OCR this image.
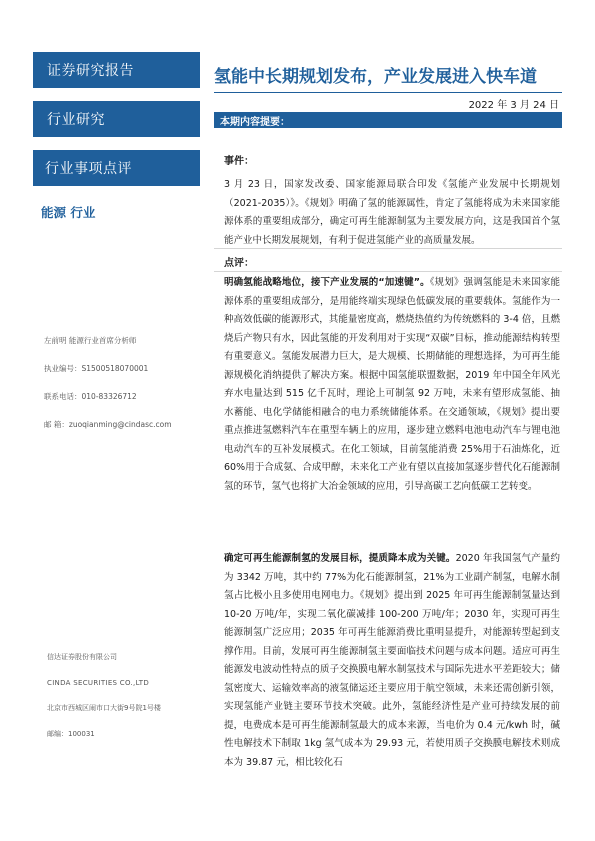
证券研究报告
行业研究
行业事项点评
能源 行业
左前明 能源行业首席分析师
执业编号：S1500518070001
联系电话：010-83326712
邮 箱：zuoqianming@cindasc.com
信达证券股份有限公司
CINDA SECURITIES CO.,LTD
北京市西城区闹市口大街9号院1号楼
邮编：100031
氢能中长期规划发布，产业发展进入快车道
2022 年 3 月 24 日
本期内容提要：
事件：
3 月 23 日，国家发改委、国家能源局联合印发《氢能产业发展中长期规划（2021-2035）》。《规划》明确了氢的能源属性，肯定了氢能将成为未来国家能源体系的重要组成部分，确定可再生能源制氢为主要发展方向，这是我国首个氢能产业中长期发展规划，有利于促进氢能产业的高质量发展。
点评：
明确氢能战略地位，接下产业发展的“加速键”。《规划》强调氢能是未来国家能源体系的重要组成部分，是用能终端实现绿色低碳发展的重要载体。氢能作为一种高效低碳的能源形式，其能量密度高，燃烧热值约为传统燃料的 3-4 倍，且燃烧后产物只有水，因此氢能的开发利用对于实现“双碳”目标，推动能源结构转型有重要意义。氢能发展潜力巨大，是大规模、长期储能的理想选择，为可再生能源规模化消纳提供了解决方案。根据中国氢能联盟数据，2019 年中国全年风光弃水电量达到 515 亿千瓦时，理论上可制氢 92 万吨，未来有望形成氢能、抽水蓄能、电化学储能相融合的电力系统储能体系。在交通领域，《规划》提出要重点推进氢燃料汽车在重型车辆上的应用，逐步建立燃料电池电动汽车与锂电池电动汽车的互补发展模式。在化工领域，目前氢能消费 25%用于石油炼化，近 60%用于合成氨、合成甲醇，未来化工产业有望以直接加氢逐步替代化石能源制氢的环节，氢气也将扩大冶金领域的应用，引导高碳工艺向低碳工艺转变。
确定可再生能源制氢的发展目标，提质降本成为关键。2020 年我国氢气产量约为 3342 万吨，其中约 77%为化石能源制氢，21%为工业副产制氢，电解水制氢占比极小且多使用电网电力。《规划》提出到 2025 年可再生能源制氢量达到 10-20 万吨/年，实现二氧化碳减排 100-200 万吨/年；2030 年，实现可再生能源制氢广泛应用；2035 年可再生能源消费比重明显提升，对能源转型起到支撑作用。目前，发展可再生能源制氢主要面临技术问题与成本问题。适应可再生能源发电波动性特点的质子交换膜电解水制氢技术与国际先进水平差距较大；储氢密度大、运输效率高的液氢储运还主要应用于航空领域，未来还需创新引领，实现氢能产业链主要环节技术突破。此外，氢能经济性是产业可持续发展的前提，电费成本是可再生能源制氢最大的成本来源，当电价为 0.4 元/kwh 时，碱性电解技术下制取 1kg 氢气成本为 29.93 元，若使用质子交换膜电解技术则成本为 39.87 元，相比较化石
